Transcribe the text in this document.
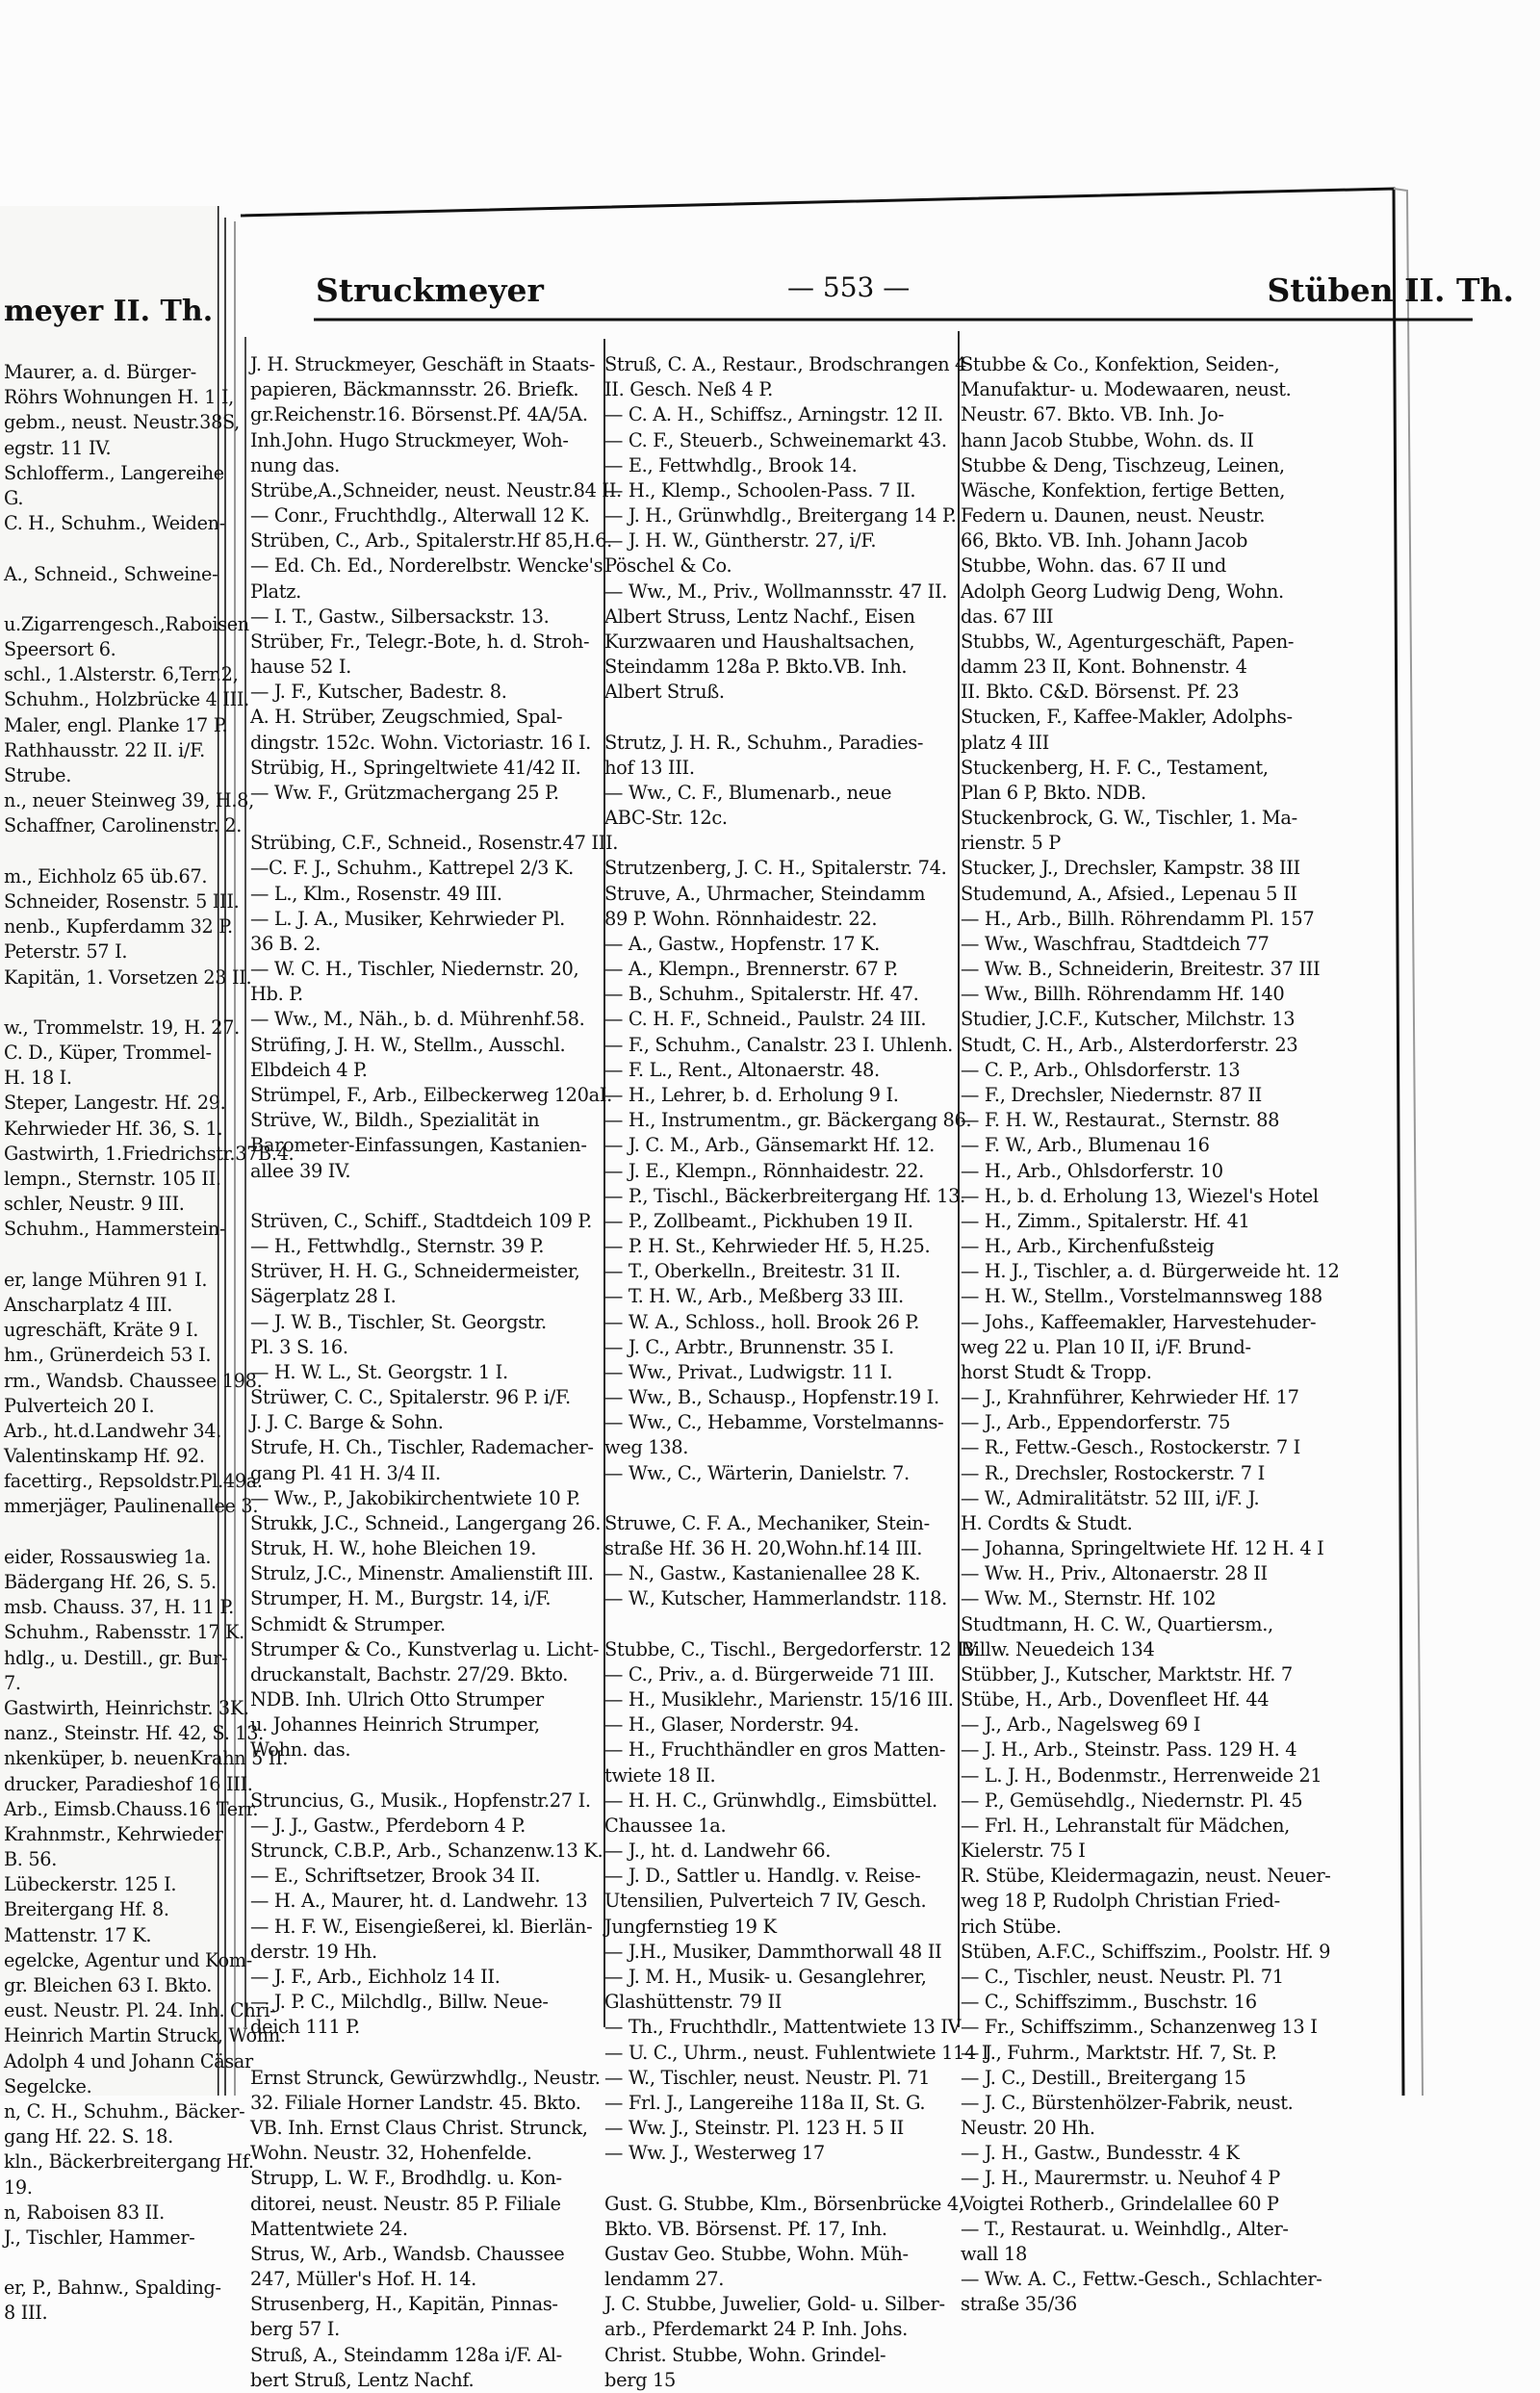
meyer II. Th.
Maurer, a. d. Bürger-
Röhrs Wohnungen H. 1 I,
gebm., neust. Neustr.38S,
egstr. 11 IV.
Schlofferm., Langereihe
G.
C. H., Schuhm., Weiden-
A., Schneid., Schweine-
u.Zigarrengesch.,Raboisen
Speersort 6.
schl., 1.Alsterstr. 6,Terr.2,
Schuhm., Holzbrücke 4 III.
Maler, engl. Planke 17 P.
Rathhausstr. 22 II. i/F.
Strube.
n., neuer Steinweg 39, H.8,
Schaffner, Carolinenstr. 2.
m., Eichholz 65 üb.67.
Schneider, Rosenstr. 5 III.
nenb., Kupferdamm 32 P.
Peterstr. 57 I.
Kapitän, 1. Vorsetzen 23 II.
w., Trommelstr. 19, H. 27.
C. D., Küper, Trommel-
H. 18 I.
Steper, Langestr. Hf. 29.
Kehrwieder Hf. 36, S. 1.
Gastwirth, 1.Friedrichstr.37B.4.
lempn., Sternstr. 105 II.
schler, Neustr. 9 III.
Schuhm., Hammerstein-
er, lange Mühren 91 I.
Anscharplatz 4 III.
ugreschäft, Kräte 9 I.
hm., Grünerdeich 53 I.
rm., Wandsb. Chaussee 198.
Pulverteich 20 I.
Arb., ht.d.Landwehr 34.
Valentinskamp Hf. 92.
facettirg., Repsoldstr.Pl.49a.
mmerjäger, Paulinenallee 3.
eider, Rossauswieg 1a.
Bädergang Hf. 26, S. 5.
msb. Chauss. 37, H. 11 P.
Schuhm., Rabensstr. 17 K.
hdlg., u. Destill., gr. Bur-
7.
Gastwirth, Heinrichstr. 3K.
nanz., Steinstr. Hf. 42, S. 13.
nkenküper, b. neuenKrahn 5 II.
drucker, Paradieshof 16 III.
Arb., Eimsb.Chauss.16 Terr.
Krahnmstr., Kehrwieder
B. 56.
Lübeckerstr. 125 I.
Breitergang Hf. 8.
Mattenstr. 17 K.
egelcke, Agentur und Kom-
gr. Bleichen 63 I. Bkto.
eust. Neustr. Pl. 24. Inh. Chri-
Heinrich Martin Struck, Wohn.
Adolph 4 und Johann Cäsar
Segelcke.
n, C. H., Schuhm., Bäcker-
gang Hf. 22. S. 18.
kln., Bäckerbreitergang Hf.
19.
n, Raboisen 83 II.
J., Tischler, Hammer-
er, P., Bahnw., Spalding-
8 III.
Struckmeyer	— 553 —	Stüben II. Th.
J. H. Struckmeyer, Geschäft in Staats-
papieren, Bäckmannsstr. 26. Briefk.
gr.Reichenstr.16. Börsenst.Pf. 4A/5A.
Inh.John. Hugo Struckmeyer, Woh-
nung das.
Strübe,A.,Schneider, neust. Neustr.84 II.
— Conr., Fruchthdlg., Alterwall 12 K.
Strüben, C., Arb., Spitalerstr.Hf 85,H.6.
— Ed. Ch. Ed., Norderelbstr. Wencke's
Platz.
— I. T., Gastw., Silbersackstr. 13.
Strüber, Fr., Telegr.-Bote, h. d. Stroh-
hause 52 I.
— J. F., Kutscher, Badestr. 8.
A. H. Strüber, Zeugschmied, Spal-
dingstr. 152c. Wohn. Victoriastr. 16 I.
Strübig, H., Springeltwiete 41/42 II.
— Ww. F., Grützmachergang 25 P.
Strübing, C.F., Schneid., Rosenstr.47 III.
—C. F. J., Schuhm., Kattrepel 2/3 K.
— L., Klm., Rosenstr. 49 III.
— L. J. A., Musiker, Kehrwieder Pl.
36 B. 2.
— W. C. H., Tischler, Niedernstr. 20,
Hb. P.
— Ww., M., Näh., b. d. Mührenhf.58.
Strüfing, J. H. W., Stellm., Ausschl.
Elbdeich 4 P.
Strümpel, F., Arb., Eilbeckerweg 120aI.
Strüve, W., Bildh., Spezialität in
Barometer-Einfassungen, Kastanien-
allee 39 IV.
Strüven, C., Schiff., Stadtdeich 109 P.
— H., Fettwhdlg., Sternstr. 39 P.
Strüver, H. H. G., Schneidermeister,
Sägerplatz 28 I.
— J. W. B., Tischler, St. Georgstr.
Pl. 3 S. 16.
— H. W. L., St. Georgstr. 1 I.
Strüwer, C. C., Spitalerstr. 96 P. i/F.
J. J. C. Barge & Sohn.
Strufe, H. Ch., Tischler, Rademacher-
gang Pl. 41 H. 3/4 II.
— Ww., P., Jakobikirchentwiete 10 P.
Strukk, J.C., Schneid., Langergang 26.
Struk, H. W., hohe Bleichen 19.
Strulz, J.C., Minenstr. Amalienstift III.
Strumper, H. M., Burgstr. 14, i/F.
Schmidt & Strumper.
Strumper & Co., Kunstverlag u. Licht-
druckanstalt, Bachstr. 27/29. Bkto.
NDB. Inh. Ulrich Otto Strumper
u. Johannes Heinrich Strumper,
Wohn. das.
Struncius, G., Musik., Hopfenstr.27 I.
— J. J., Gastw., Pferdeborn 4 P.
Strunck, C.B.P., Arb., Schanzenw.13 K.
— E., Schriftsetzer, Brook 34 II.
— H. A., Maurer, ht. d. Landwehr. 13
— H. F. W., Eisengießerei, kl. Bierlän-
derstr. 19 Hh.
— J. F., Arb., Eichholz 14 II.
— J. P. C., Milchdlg., Billw. Neue-
deich 111 P.
Ernst Strunck, Gewürzwhdlg., Neustr.
32. Filiale Horner Landstr. 45. Bkto.
VB. Inh. Ernst Claus Christ. Strunck,
Wohn. Neustr. 32, Hohenfelde.
Strupp, L. W. F., Brodhdlg. u. Kon-
ditorei, neust. Neustr. 85 P. Filiale
Mattentwiete 24.
Strus, W., Arb., Wandsb. Chaussee
247, Müller's Hof. H. 14.
Strusenberg, H., Kapitän, Pinnas-
berg 57 I.
Struß, A., Steindamm 128a i/F. Al-
bert Struß, Lentz Nachf.
Struß, C. A., Restaur., Brodschrangen 4
II. Gesch. Neß 4 P.
— C. A. H., Schiffsz., Arningstr. 12 II.
— C. F., Steuerb., Schweinemarkt 43.
— E., Fettwhdlg., Brook 14.
— H., Klemp., Schoolen-Pass. 7 II.
— J. H., Grünwhdlg., Breitergang 14 P.
— J. H. W., Güntherstr. 27, i/F.
Pöschel & Co.
— Ww., M., Priv., Wollmannsstr. 47 II.
Albert Struss, Lentz Nachf., Eisen
Kurzwaaren und Haushaltsachen,
Steindamm 128a P. Bkto.VB. Inh.
Albert Struß.
Strutz, J. H. R., Schuhm., Paradies-
hof 13 III.
— Ww., C. F., Blumenarb., neue
ABC-Str. 12c.
Strutzenberg, J. C. H., Spitalerstr. 74.
Struve, A., Uhrmacher, Steindamm
89 P. Wohn. Rönnhaidestr. 22.
— A., Gastw., Hopfenstr. 17 K.
— A., Klempn., Brennerstr. 67 P.
— B., Schuhm., Spitalerstr. Hf. 47.
— C. H. F., Schneid., Paulstr. 24 III.
— F., Schuhm., Canalstr. 23 I. Uhlenh.
— F. L., Rent., Altonaerstr. 48.
— H., Lehrer, b. d. Erholung 9 I.
— H., Instrumentm., gr. Bäckergang 86.
— J. C. M., Arb., Gänsemarkt Hf. 12.
— J. E., Klempn., Rönnhaidestr. 22.
— P., Tischl., Bäckerbreitergang Hf. 13.
— P., Zollbeamt., Pickhuben 19 II.
— P. H. St., Kehrwieder Hf. 5, H.25.
— T., Oberkelln., Breitestr. 31 II.
— T. H. W., Arb., Meßberg 33 III.
— W. A., Schloss., holl. Brook 26 P.
— J. C., Arbtr., Brunnenstr. 35 I.
— Ww., Privat., Ludwigstr. 11 I.
— Ww., B., Schausp., Hopfenstr.19 I.
— Ww., C., Hebamme, Vorstelmanns-
weg 138.
— Ww., C., Wärterin, Danielstr. 7.
Struwe, C. F. A., Mechaniker, Stein-
straße Hf. 36 H. 20,Wohn.hf.14 III.
— N., Gastw., Kastanienallee 28 K.
— W., Kutscher, Hammerlandstr. 118.
Stubbe, C., Tischl., Bergedorferstr. 12 IV.
— C., Priv., a. d. Bürgerweide 71 III.
— H., Musiklehr., Marienstr. 15/16 III.
— H., Glaser, Norderstr. 94.
— H., Fruchthändler en gros Matten-
twiete 18 II.
— H. H. C., Grünwhdlg., Eimsbüttel.
Chaussee 1a.
— J., ht. d. Landwehr 66.
— J. D., Sattler u. Handlg. v. Reise-
Utensilien, Pulverteich 7 IV, Gesch.
Jungfernstieg 19 K
— J.H., Musiker, Dammthorwall 48 II
— J. M. H., Musik- u. Gesanglehrer,
Glashüttenstr. 79 II
— Th., Fruchthdlr., Mattentwiete 13 IV
— U. C., Uhrm., neust. Fuhlentwiete 114 I
— W., Tischler, neust. Neustr. Pl. 71
— Frl. J., Langereihe 118a II, St. G.
— Ww. J., Steinstr. Pl. 123 H. 5 II
— Ww. J., Westerweg 17
Gust. G. Stubbe, Klm., Börsenbrücke 4,
Bkto. VB. Börsenst. Pf. 17, Inh.
Gustav Geo. Stubbe, Wohn. Müh-
lendamm 27.
J. C. Stubbe, Juwelier, Gold- u. Silber-
arb., Pferdemarkt 24 P. Inh. Johs.
Christ. Stubbe, Wohn. Grindel-
berg 15
Stubbe & Co., Konfektion, Seiden-,
Manufaktur- u. Modewaaren, neust.
Neustr. 67. Bkto. VB. Inh. Jo-
hann Jacob Stubbe, Wohn. ds. II
Stubbe & Deng, Tischzeug, Leinen,
Wäsche, Konfektion, fertige Betten,
Federn u. Daunen, neust. Neustr.
66, Bkto. VB. Inh. Johann Jacob
Stubbe, Wohn. das. 67 II und
Adolph Georg Ludwig Deng, Wohn.
das. 67 III
Stubbs, W., Agenturgeschäft, Papen-
damm 23 II, Kont. Bohnenstr. 4
II. Bkto. C&D. Börsenst. Pf. 23
Stucken, F., Kaffee-Makler, Adolphs-
platz 4 III
Stuckenberg, H. F. C., Testament,
Plan 6 P, Bkto. NDB.
Stuckenbrock, G. W., Tischler, 1. Ma-
rienstr. 5 P
Stucker, J., Drechsler, Kampstr. 38 III
Studemund, A., Afsied., Lepenau 5 II
— H., Arb., Billh. Röhrendamm Pl. 157
— Ww., Waschfrau, Stadtdeich 77
— Ww. B., Schneiderin, Breitestr. 37 III
— Ww., Billh. Röhrendamm Hf. 140
Studier, J.C.F., Kutscher, Milchstr. 13
Studt, C. H., Arb., Alsterdorferstr. 23
— C. P., Arb., Ohlsdorferstr. 13
— F., Drechsler, Niedernstr. 87 II
— F. H. W., Restaurat., Sternstr. 88
— F. W., Arb., Blumenau 16
— H., Arb., Ohlsdorferstr. 10
— H., b. d. Erholung 13, Wiezel's Hotel
— H., Zimm., Spitalerstr. Hf. 41
— H., Arb., Kirchenfußsteig
— H. J., Tischler, a. d. Bürgerweide ht. 12
— H. W., Stellm., Vorstelmannsweg 188
— Johs., Kaffeemakler, Harvestehuder-
weg 22 u. Plan 10 II, i/F. Brund-
horst Studt & Tropp.
— J., Krahnführer, Kehrwieder Hf. 17
— J., Arb., Eppendorferstr. 75
— R., Fettw.-Gesch., Rostockerstr. 7 I
— R., Drechsler, Rostockerstr. 7 I
— W., Admiralitätstr. 52 III, i/F. J.
H. Cordts & Studt.
— Johanna, Springeltwiete Hf. 12 H. 4 I
— Ww. H., Priv., Altonaerstr. 28 II
— Ww. M., Sternstr. Hf. 102
Studtmann, H. C. W., Quartiersm.,
Billw. Neuedeich 134
Stübber, J., Kutscher, Marktstr. Hf. 7
Stübe, H., Arb., Dovenfleet Hf. 44
— J., Arb., Nagelsweg 69 I
— J. H., Arb., Steinstr. Pass. 129 H. 4
— L. J. H., Bodenmstr., Herrenweide 21
— P., Gemüsehdlg., Niedernstr. Pl. 45
— Frl. H., Lehranstalt für Mädchen,
Kielerstr. 75 I
R. Stübe, Kleidermagazin, neust. Neuer-
weg 18 P, Rudolph Christian Fried-
rich Stübe.
Stüben, A.F.C., Schiffszim., Poolstr. Hf. 9
— C., Tischler, neust. Neustr. Pl. 71
— C., Schiffszimm., Buschstr. 16
— Fr., Schiffszimm., Schanzenweg 13 I
— J., Fuhrm., Marktstr. Hf. 7, St. P.
— J. C., Destill., Breitergang 15
— J. C., Bürstenhölzer-Fabrik, neust.
Neustr. 20 Hh.
— J. H., Gastw., Bundesstr. 4 K
— J. H., Maurermstr. u. Neuhof 4 P
Voigtei Rotherb., Grindelallee 60 P
— T., Restaurat. u. Weinhdlg., Alter-
wall 18
— Ww. A. C., Fettw.-Gesch., Schlachter-
straße 35/36
